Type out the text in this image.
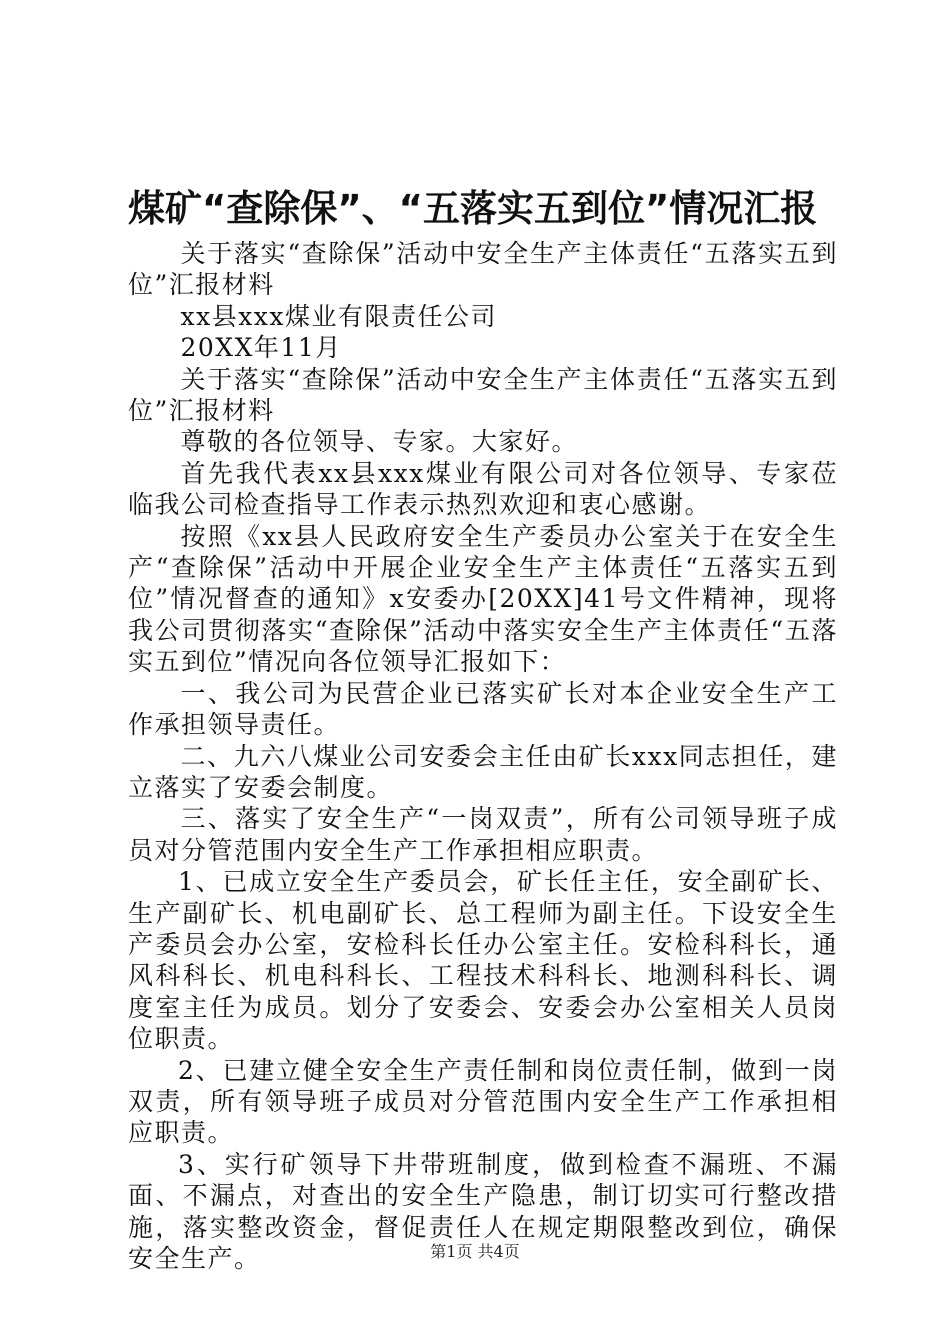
煤矿“查除保”、“五落实五到位”情况汇报

关于落实“查除保”活动中安全生产主体责任“五落实五到位”汇报材料

xx县xxx煤业有限责任公司

20XX年11月

关于落实“查除保”活动中安全生产主体责任“五落实五到位”汇报材料

尊敬的各位领导、专家。大家好。

首先我代表xx县xxx煤业有限公司对各位领导、专家莅临我公司检查指导工作表示热烈欢迎和衷心感谢。

按照《xx县人民政府安全生产委员办公室关于在安全生产“查除保”活动中开展企业安全生产主体责任“五落实五到位”情况督查的通知》x安委办[20XX]41号文件精神，现将我公司贯彻落实“查除保”活动中落实安全生产主体责任“五落实五到位”情况向各位领导汇报如下：

一、我公司为民营企业已落实矿长对本企业安全生产工作承担领导责任。

二、九六八煤业公司安委会主任由矿长xxx同志担任，建立落实了安委会制度。

三、落实了安全生产“一岗双责”，所有公司领导班子成员对分管范围内安全生产工作承担相应职责。

1、已成立安全生产委员会，矿长任主任，安全副矿长、生产副矿长、机电副矿长、总工程师为副主任。下设安全生产委员会办公室，安检科长任办公室主任。安检科科长，通风科科长、机电科科长、工程技术科科长、地测科科长、调度室主任为成员。划分了安委会、安委会办公室相关人员岗位职责。

2、已建立健全安全生产责任制和岗位责任制，做到一岗双责，所有领导班子成员对分管范围内安全生产工作承担相应职责。

3、实行矿领导下井带班制度，做到检查不漏班、不漏面、不漏点，对查出的安全生产隐患，制订切实可行整改措施，落实整改资金，督促责任人在规定期限整改到位，确保安全生产。	第1页 共4页
